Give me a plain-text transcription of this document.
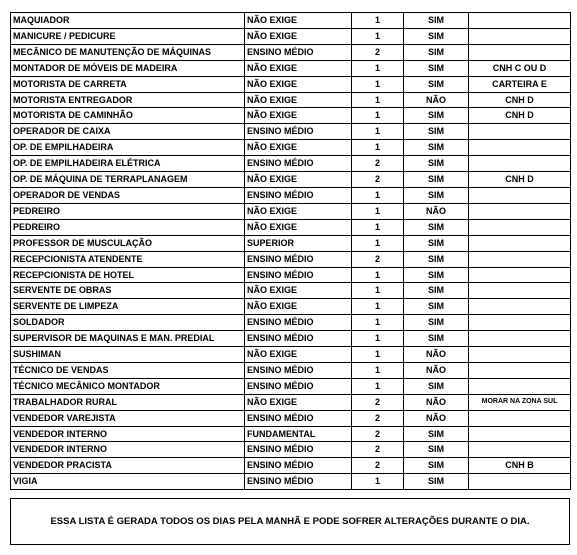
MAQUIADOR	NÃO EXIGE	1	SIM	
MANICURE / PEDICURE	NÃO EXIGE	1	SIM	
MECÂNICO DE MANUTENÇÃO DE MÁQUINAS	ENSINO MÉDIO	2	SIM	
MONTADOR DE MÓVEIS DE MADEIRA	NÃO EXIGE	1	SIM	CNH C OU D
MOTORISTA DE CARRETA	NÃO EXIGE	1	SIM	CARTEIRA E
MOTORISTA ENTREGADOR	NÃO EXIGE	1	NÃO	CNH D
MOTORISTA DE CAMINHÃO	NÃO EXIGE	1	SIM	CNH D
OPERADOR DE CAIXA	ENSINO MÉDIO	1	SIM	
OP. DE EMPILHADEIRA	NÃO EXIGE	1	SIM	
OP. DE EMPILHADEIRA ELÉTRICA	ENSINO MÉDIO	2	SIM	
OP. DE MÁQUINA DE TERRAPLANAGEM	NÃO EXIGE	2	SIM	CNH D
OPERADOR DE VENDAS	ENSINO MÉDIO	1	SIM	
PEDREIRO	NÃO EXIGE	1	NÃO	
PEDREIRO	NÃO EXIGE	1	SIM	
PROFESSOR DE MUSCULAÇÃO	SUPERIOR	1	SIM	
RECEPCIONISTA ATENDENTE	ENSINO MÉDIO	2	SIM	
RECEPCIONISTA DE HOTEL	ENSINO MÉDIO	1	SIM	
SERVENTE DE OBRAS	NÃO EXIGE	1	SIM	
SERVENTE DE LIMPEZA	NÃO EXIGE	1	SIM	
SOLDADOR	ENSINO MÉDIO	1	SIM	
SUPERVISOR DE MAQUINAS E MAN. PREDIAL	ENSINO MÉDIO	1	SIM	
SUSHIMAN	NÃO EXIGE	1	NÃO	
TÉCNICO DE VENDAS	ENSINO MÉDIO	1	NÃO	
TÉCNICO MECÂNICO MONTADOR	ENSINO MÉDIO	1	SIM	
TRABALHADOR RURAL	NÃO EXIGE	2	NÃO	MORAR NA ZONA SUL
VENDEDOR VAREJISTA	ENSINO MÉDIO	2	NÃO	
VENDEDOR INTERNO	FUNDAMENTAL	2	SIM	
VENDEDOR INTERNO	ENSINO MÉDIO	2	SIM	
VENDEDOR PRACISTA	ENSINO MÉDIO	2	SIM	CNH B
VIGIA	ENSINO MÉDIO	1	SIM	
ESSA LISTA É GERADA TODOS OS DIAS PELA MANHÃ E PODE SOFRER ALTERAÇÕES DURANTE O DIA.
